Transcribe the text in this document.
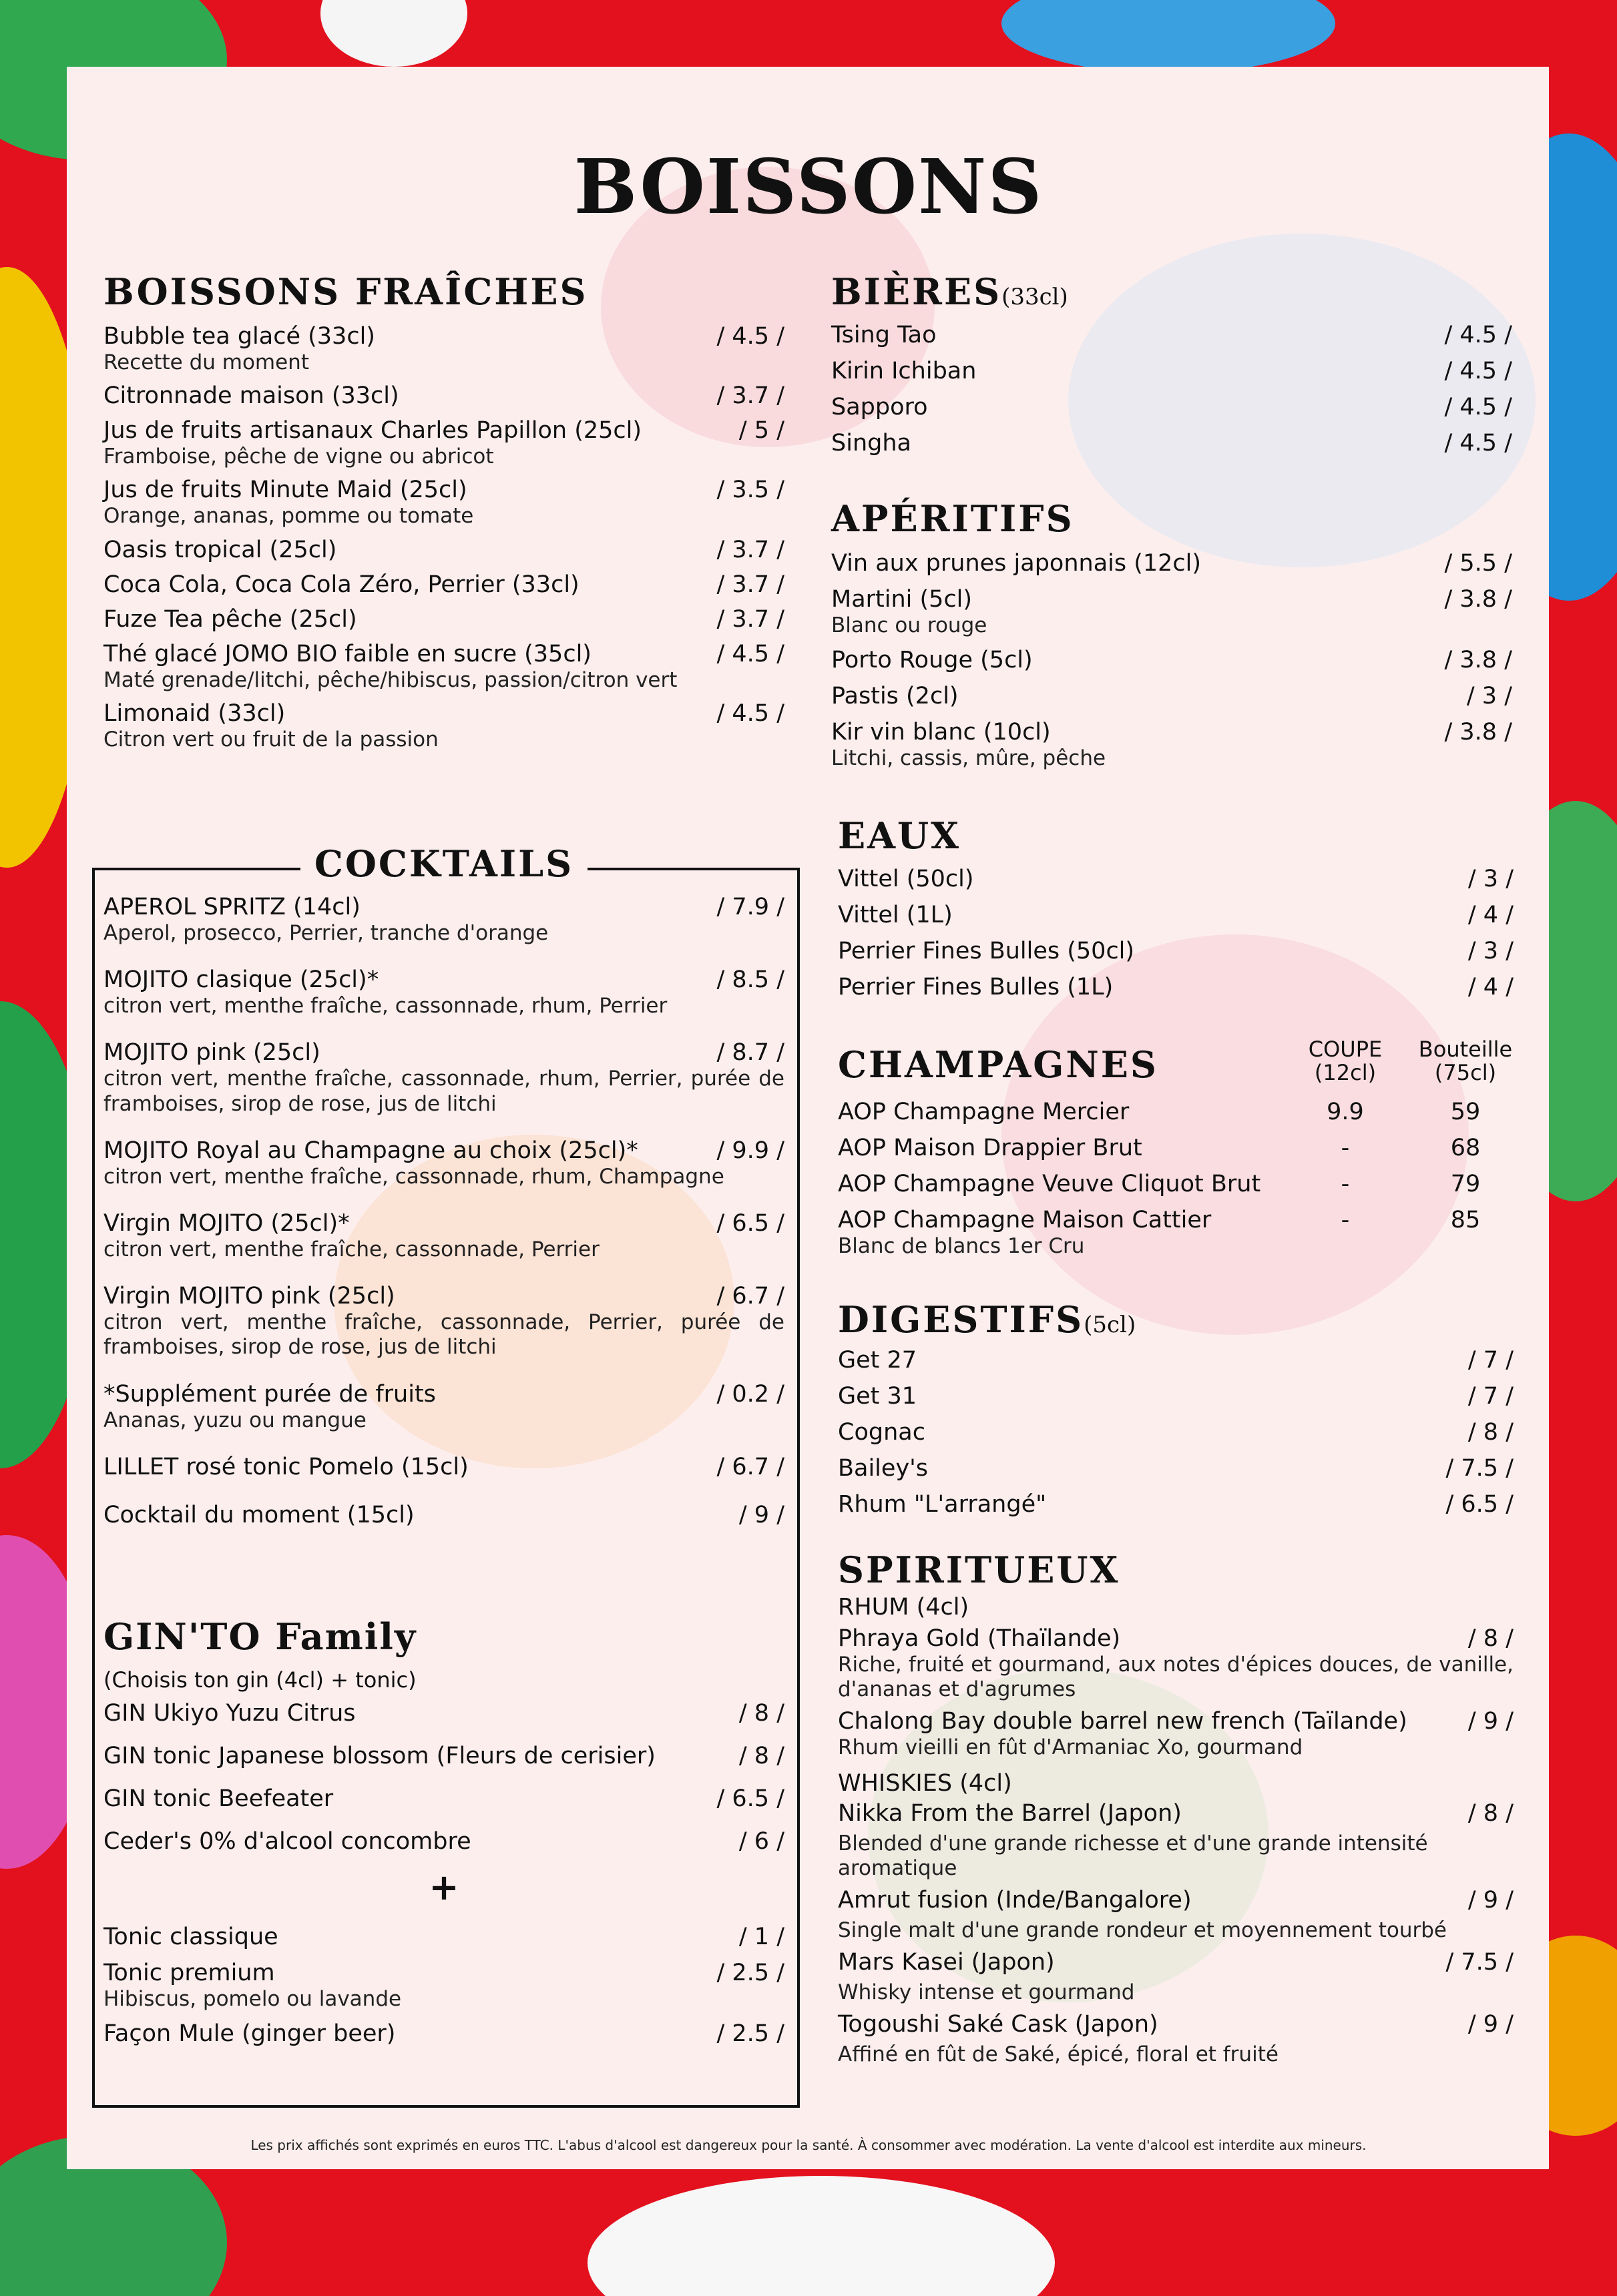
BOISSONS
BOISSONS FRAÎCHES
Bubble tea glacé (33cl)	/ 4.5 /
Recette du moment
Citronnade maison (33cl)	/ 3.7 /
Jus de fruits artisanaux Charles Papillon (25cl)	/ 5 /
Framboise, pêche de vigne ou abricot
Jus de fruits Minute Maid (25cl)	/ 3.5 /
Orange, ananas, pomme ou tomate
Oasis tropical (25cl)	/ 3.7 /
Coca Cola, Coca Cola Zéro, Perrier (33cl)	/ 3.7 /
Fuze Tea pêche (25cl)	/ 3.7 /
Thé glacé JOMO BIO faible en sucre (35cl)	/ 4.5 /
Maté grenade/litchi, pêche/hibiscus, passion/citron vert
Limonaid (33cl)	/ 4.5 /
Citron vert ou fruit de la passion
COCKTAILS
APEROL SPRITZ (14cl)	/ 7.9 /
Aperol, prosecco, Perrier, tranche d'orange
MOJITO clasique (25cl)*	/ 8.5 /
citron vert, menthe fraîche, cassonnade, rhum, Perrier
MOJITO pink (25cl)	/ 8.7 /
citron vert, menthe fraîche, cassonnade, rhum, Perrier, purée de framboises, sirop de rose, jus de litchi
MOJITO Royal au Champagne au choix (25cl)*	/ 9.9 /
citron vert, menthe fraîche, cassonnade, rhum, Champagne
Virgin MOJITO (25cl)*	/ 6.5 /
citron vert, menthe fraîche, cassonnade, Perrier
Virgin MOJITO pink (25cl)	/ 6.7 /
citron vert, menthe fraîche, cassonnade, Perrier, purée de framboises, sirop de rose, jus de litchi
*Supplément purée de fruits	/ 0.2 /
Ananas, yuzu ou mangue
LILLET rosé tonic Pomelo (15cl)	/ 6.7 /
Cocktail du moment (15cl)	/ 9 /
GIN'TO Family
(Choisis ton gin (4cl) + tonic)
GIN Ukiyo Yuzu Citrus	/ 8 /
GIN tonic Japanese blossom (Fleurs de cerisier)	/ 8 /
GIN tonic Beefeater	/ 6.5 /
Ceder's 0% d'alcool concombre	/ 6 /
+
Tonic classique	/ 1 /
Tonic premium	/ 2.5 /
Hibiscus, pomelo ou lavande
Façon Mule (ginger beer)	/ 2.5 /
BIÈRES(33cl)
Tsing Tao	/ 4.5 /
Kirin Ichiban	/ 4.5 /
Sapporo	/ 4.5 /
Singha	/ 4.5 /
APÉRITIFS
Vin aux prunes japonnais (12cl)	/ 5.5 /
Martini (5cl)	/ 3.8 /
Blanc ou rouge
Porto Rouge (5cl)	/ 3.8 /
Pastis (2cl)	/ 3 /
Kir vin blanc (10cl)	/ 3.8 /
Litchi, cassis, mûre, pêche
EAUX
Vittel (50cl)	/ 3 /
Vittel (1L)	/ 4 /
Perrier Fines Bulles (50cl)	/ 3 /
Perrier Fines Bulles (1L)	/ 4 /
CHAMPAGNES	COUPE
(12cl)
Bouteille
(75cl)
AOP Champagne Mercier	9.9	59
AOP Maison Drappier Brut	-	68
AOP Champagne Veuve Cliquot Brut	-	79
AOP Champagne Maison Cattier	-	85
Blanc de blancs 1er Cru
DIGESTIFS(5cl)
Get 27	/ 7 /
Get 31	/ 7 /
Cognac	/ 8 /
Bailey's	/ 7.5 /
Rhum "L'arrangé"	/ 6.5 /
SPIRITUEUX
RHUM (4cl)
Phraya Gold (Thaïlande)	/ 8 /
Riche, fruité et gourmand, aux notes d'épices douces, de vanille, d'ananas et d'agrumes
Chalong Bay double barrel new french (Taïlande)	/ 9 /
Rhum vieilli en fût d'Armaniac Xo, gourmand
WHISKIES (4cl)
Nikka From the Barrel (Japon)	/ 8 /
Blended d'une grande richesse et d'une grande intensité aromatique
Amrut fusion (Inde/Bangalore)	/ 9 /
Single malt d'une grande rondeur et moyennement tourbé
Mars Kasei (Japon)	/ 7.5 /
Whisky intense et gourmand
Togoushi Saké Cask (Japon)	/ 9 /
Affiné en fût de Saké, épicé, floral et fruité
Les prix affichés sont exprimés en euros TTC. L'abus d'alcool est dangereux pour la santé. À consommer avec modération. La vente d'alcool est interdite aux mineurs.
